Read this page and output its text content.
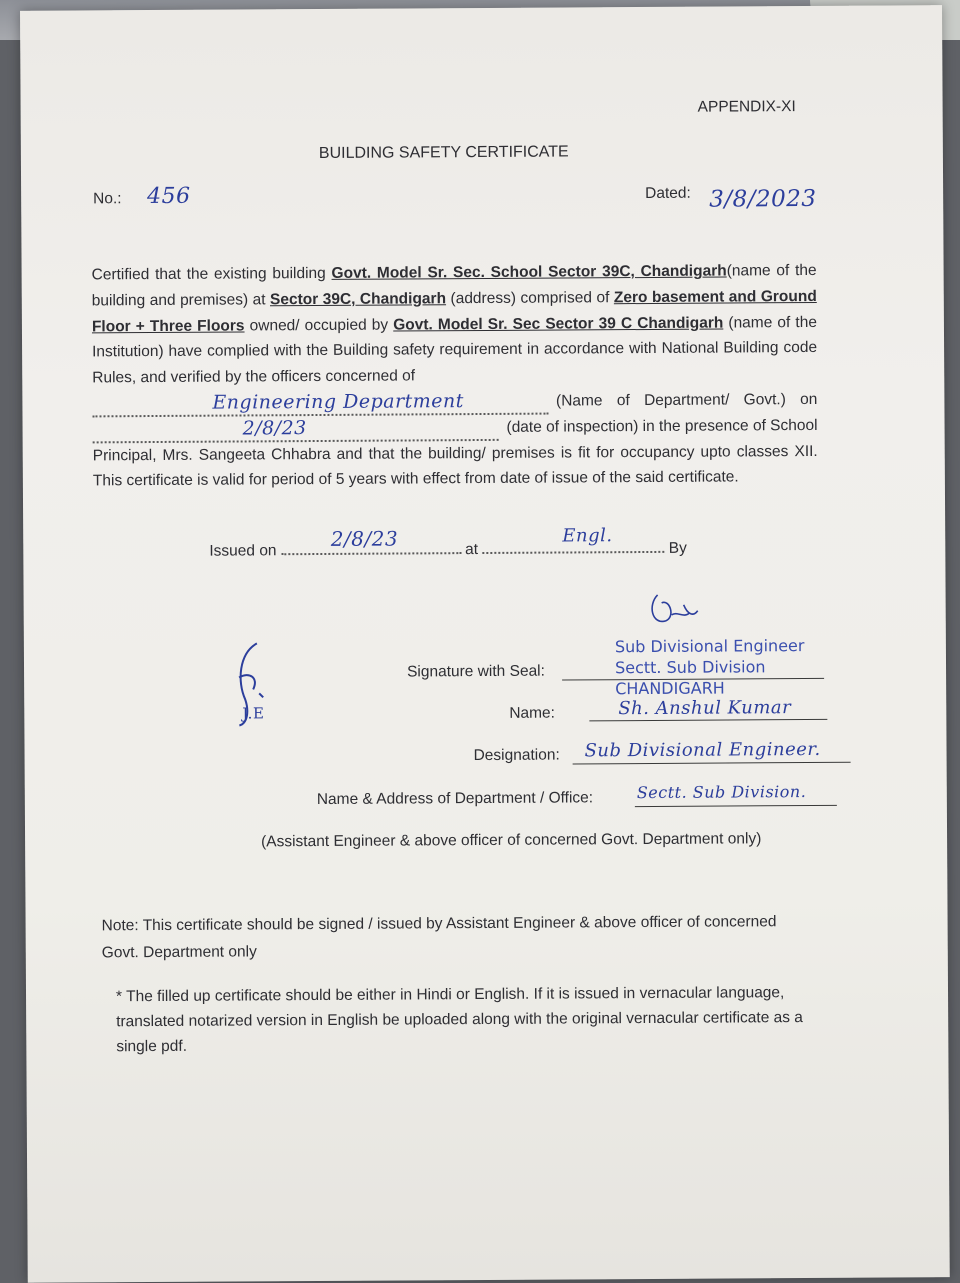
APPENDIX-XI
BUILDING SAFETY CERTIFICATE
No.: 456	Dated: 3/8/2023
Certified that the existing building Govt. Model Sr. Sec. School Sector 39C, Chandigarh(name of the building and premises) at Sector 39C, Chandigarh (address) comprised of Zero basement and Ground Floor + Three Floors owned/ occupied by Govt. Model Sr. Sec Sector 39 C Chandigarh (name of the Institution) have complied with the Building safety requirement in accordance with National Building code Rules, and verified by the officers concerned of
Engineering Department	(Name of Department/ Govt.) on
2/8/23	(date of inspection) in the presence of School
Principal, Mrs. Sangeeta Chhabra and that the building/ premises is fit for occupancy upto classes XII. This certificate is valid for period of 5 years with effect from date of issue of the said certificate.
Issued on
2/8/23	at
Engl.
By
Sub Divisional Engineer
Sectt. Sub Division
CHANDIGARH
J.E
Signature with Seal:
Name:	Sh. Anshul Kumar
Designation: Sub Divisional Engineer.
Name & Address of Department / Office:	Sectt. Sub Division.
(Assistant Engineer & above officer of concerned Govt. Department only)
Note: This certificate should be signed / issued by Assistant Engineer & above officer of concerned Govt. Department only
* The filled up certificate should be either in Hindi or English. If it is issued in vernacular language, translated notarized version in English be uploaded along with the original vernacular certificate as a single pdf.
